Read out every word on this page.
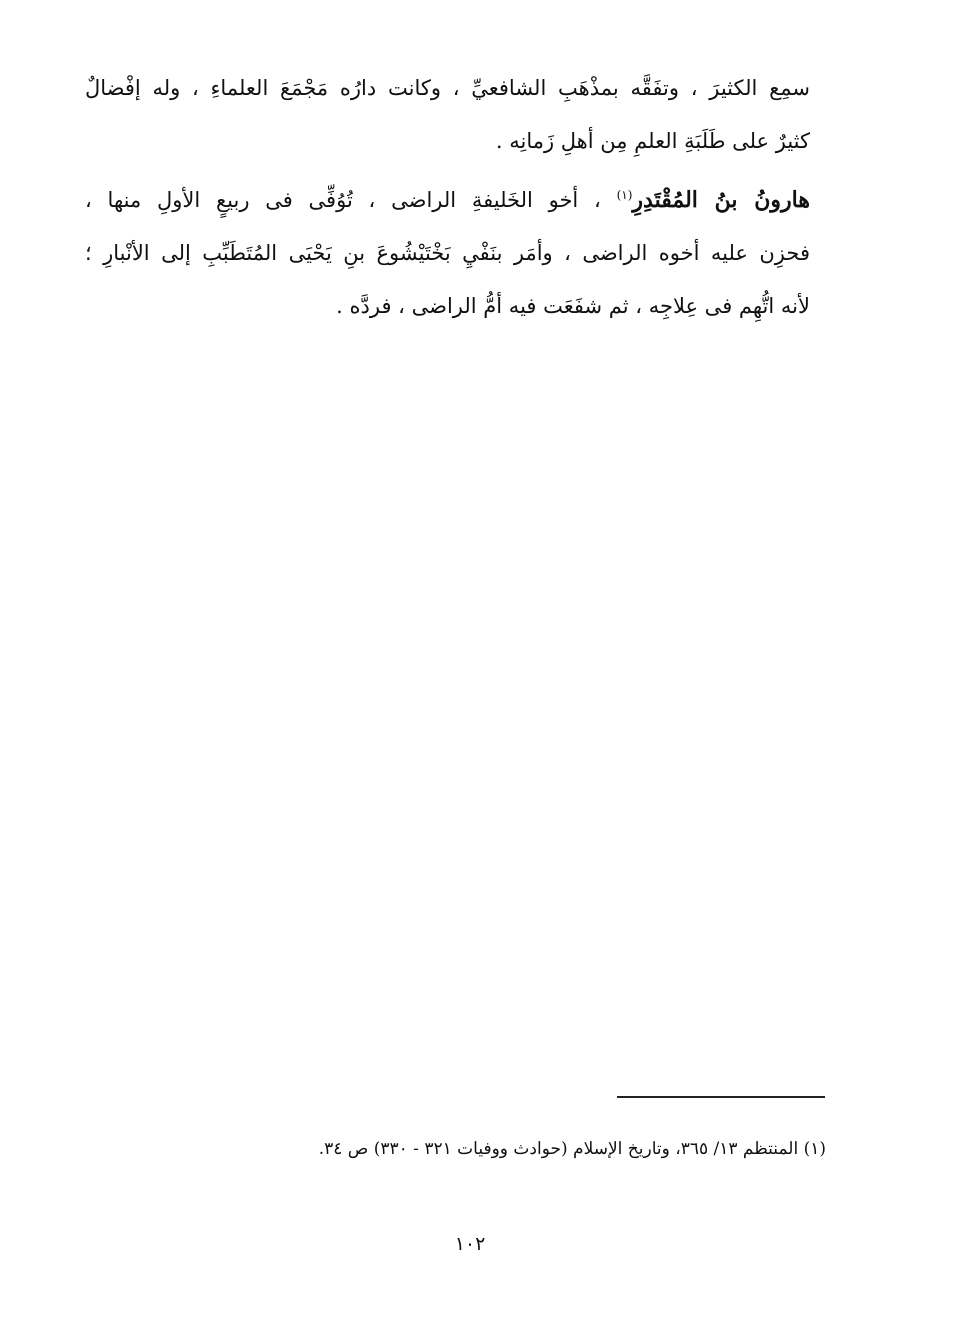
سمِع الكثيرَ ، وتفَقَّه بمذْهَبِ الشافعيِّ ، وكانت دارُه مَجْمَعَ العلماءِ ، وله إفْضالٌ
كثيرٌ على طَلَبَةِ العلمِ مِن أهلِ زَمانِه .

هارونُ بنُ المُقْتَدِرِ$^{(١)}$ ، أخو الخَليفةِ الراضى ، تُوُفِّى فى ربيعٍ الأولِ منها ،
فحزِن عليه أخوه الراضى ، وأمَر بنَفْيِ بَخْتَيْشُوعَ بنِ يَحْيَى المُتَطَبِّبِ إلى الأنْبارِ ؛
لأنه اتُّهِم فى عِلاجِه ، ثم شفَعَت فيه أمُّ الراضى ، فردَّه .

(١) المنتظم ١٣/ ٣٦٥، وتاريخ الإسلام (حوادث ووفيات ٣٢١ - ٣٣٠) ص ٣٤.
١٠٢
